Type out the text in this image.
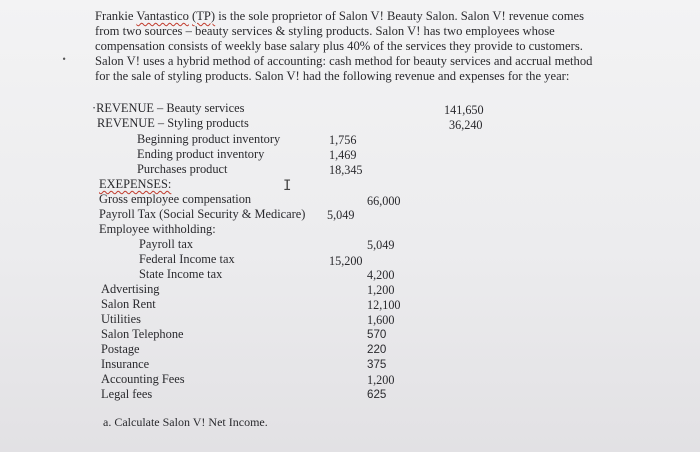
•
Frankie Vantastico (TP) is the sole proprietor of Salon V! Beauty Salon. Salon V! revenue comes
from two sources – beauty services & styling products. Salon V! has two employees whose
compensation consists of weekly base salary plus 40% of the services they provide to customers.
Salon V! uses a hybrid method of accounting: cash method for beauty services and accrual method
for the sale of styling products. Salon V! had the following revenue and expenses for the year:
·REVENUE – Beauty services	141,650
REVENUE – Styling products	36,240
Beginning product inventory	1,756
Ending product inventory	1,469
Purchases product	18,345
EXEPENSES:	I
Gross employee compensation	66,000
Payroll Tax (Social Security & Medicare) 5,049
Employee withholding:
Payroll tax	5,049
Federal Income tax	15,200
State Income tax	4,200
Advertising	1,200
Salon Rent	12,100
Utilities	1,600
Salon Telephone	570
Postage	220
Insurance	375
Accounting Fees	1,200
Legal fees	625
a. Calculate Salon V! Net Income.
